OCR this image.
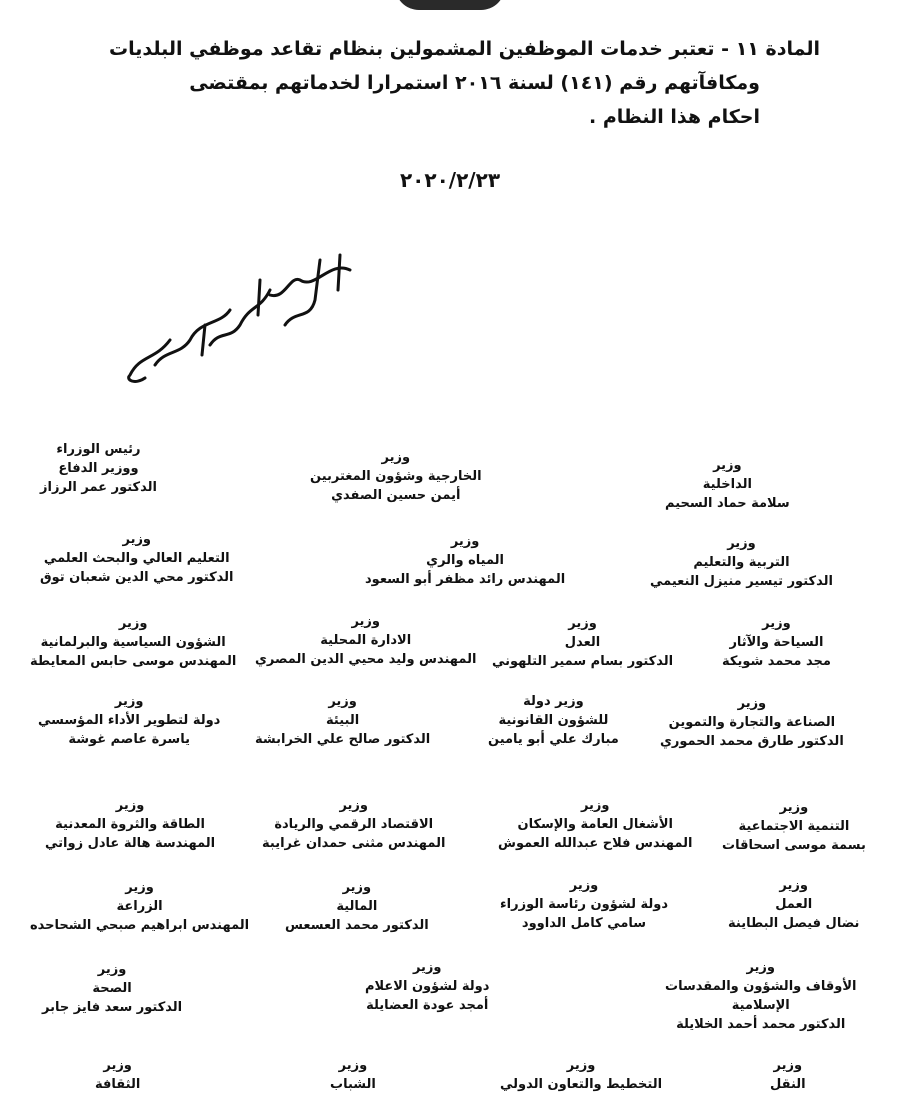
المادة ١١ - تعتبر خدمات الموظفين المشمولين بنظام تقاعد موظفي البلديات
ومكافآتهم رقم (١٤١) لسنة ٢٠١٦ استمرارا لخدماتهم بمقتضى
احكام هذا النظام .
٢٠٢٠/٢/٢٣
رئيس الوزراء
ووزير الدفاع
الدكتور عمر الرزاز
وزير
الخارجية وشؤون المغتربين
أيمن حسين الصفدي
وزير
الداخلية
سلامة حماد السحيم
وزير
التعليم العالي والبحث العلمي
الدكتور محي الدين شعبان توق
وزير
المياه والري
المهندس رائد مظفر أبو السعود
وزير
التربية والتعليم
الدكتور تيسير منيزل النعيمي
وزير
الشؤون السياسية والبرلمانية
المهندس موسى حابس المعايطة
وزير
الادارة المحلية
المهندس وليد محيي الدين المصري
وزير
العدل
الدكتور بسام سمير التلهوني
وزير
السياحة والآثار
مجد محمد شويكة
وزير
دولة لتطوير الأداء المؤسسي
ياسرة عاصم غوشة
وزير
البيئة
الدكتور صالح علي الخرابشة
وزير دولة
للشؤون القانونية
مبارك علي أبو يامين
وزير
الصناعة والتجارة والتموين
الدكتور طارق محمد الحموري
وزير
الطاقة والثروة المعدنية
المهندسة هالة عادل زواتي
وزير
الاقتصاد الرقمي والريادة
المهندس مثنى حمدان غرايبة
وزير
الأشغال العامة والإسكان
المهندس فلاح عبدالله العموش
وزير
التنمية الاجتماعية
بسمة موسى اسحاقات
وزير
الزراعة
المهندس ابراهيم صبحي الشحاحده
وزير
المالية
الدكتور محمد العسعس
وزير
دولة لشؤون رئاسة الوزراء
سامي كامل الداوود
وزير
العمل
نضال فيصل البطاينة
وزير
الصحة
الدكتور سعد فايز جابر
وزير
دولة لشؤون الاعلام
أمجد عودة العضايلة
وزير
الأوقاف والشؤون والمقدسات
الإسلامية
الدكتور محمد أحمد الخلايلة
وزير
الثقافة
وزير
الشباب
وزير
التخطيط والتعاون الدولي
وزير
النقل
